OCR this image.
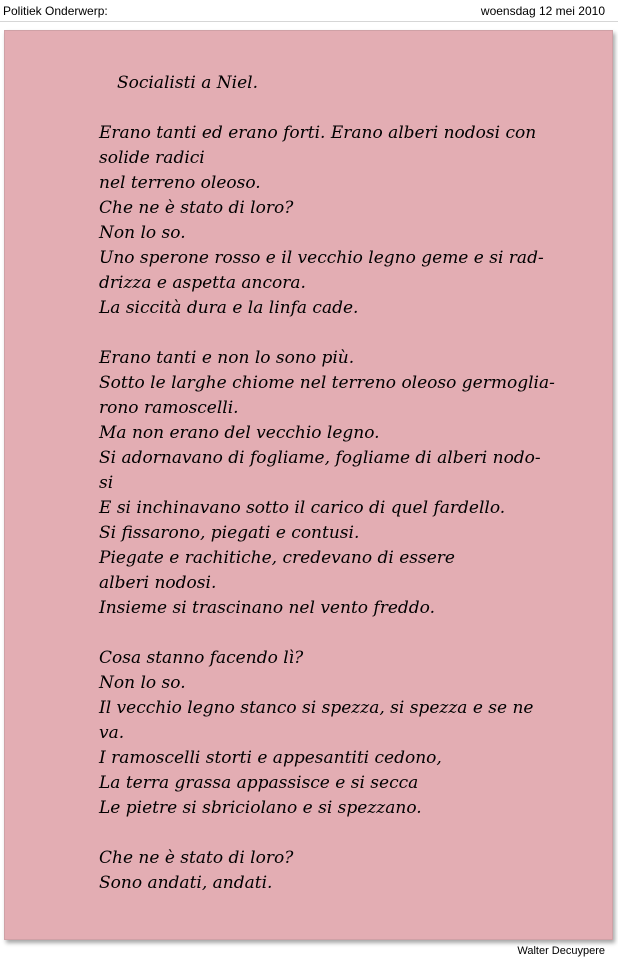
Politiek Onderwerp:	woensdag 12 mei 2010
Socialisti a Niel.
Erano tanti ed erano forti. Erano alberi nodosi con
solide radici
nel terreno oleoso.
Che ne è stato di loro?
Non lo so.
Uno sperone rosso e il vecchio legno geme e si rad-
drizza e aspetta ancora.
La siccità dura e la linfa cade.
Erano tanti e non lo sono più.
Sotto le larghe chiome nel terreno oleoso germoglia-
rono ramoscelli.
Ma non erano del vecchio legno.
Si adornavano di fogliame, fogliame di alberi nodo-
si
E si inchinavano sotto il carico di quel fardello.
Si fissarono, piegati e contusi.
Piegate e rachitiche, credevano di essere
alberi nodosi.
Insieme si trascinano nel vento freddo.
Cosa stanno facendo lì?
Non lo so.
Il vecchio legno stanco si spezza, si spezza e se ne
va.
I ramoscelli storti e appesantiti cedono,
La terra grassa appassisce e si secca
Le pietre si sbriciolano e si spezzano.
Che ne è stato di loro?
Sono andati, andati.
Walter Decuypere
